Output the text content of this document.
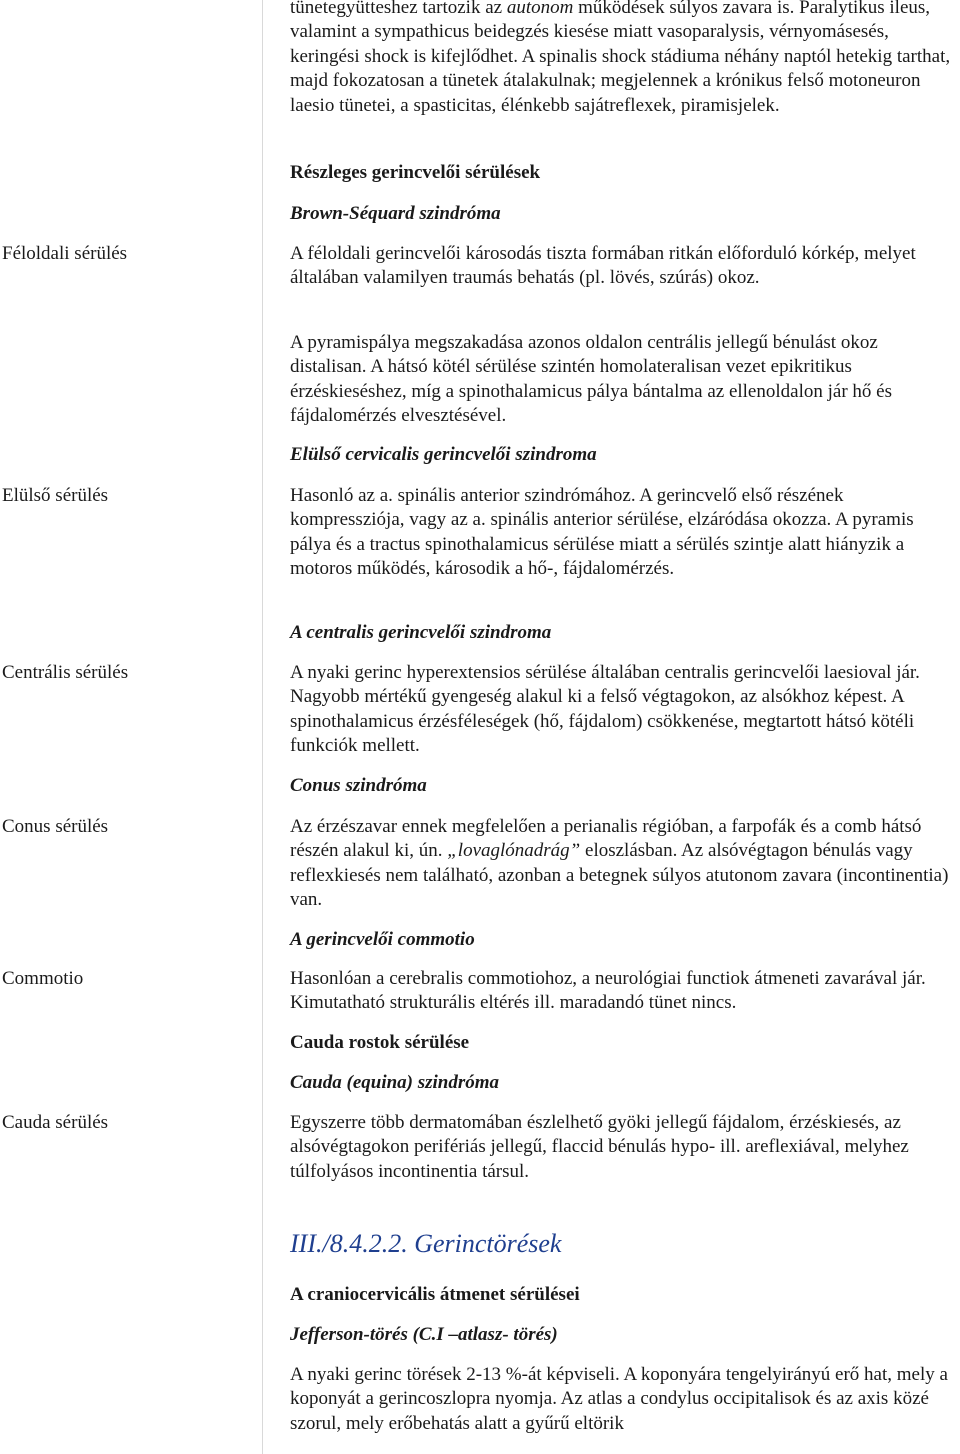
Féloldali sérülés
Elülső sérülés
Centrális sérülés
Conus sérülés
Commotio
Cauda sérülés

tünetegyütteshez tartozik az autonom működések súlyos zavara is. Paralytikus ileus, valamint a sympathicus beidegzés kiesése miatt vasoparalysis, vérnyomásesés, keringési shock is kifejlődhet. A spinalis shock stádiuma néhány naptól hetekig tarthat, majd fokozatosan a tünetek átalakulnak; megjelennek a krónikus felső motoneuron laesio tünetei, a spasticitas, élénkebb sajátreflexek, piramisjelek.

Részleges gerincvelői sérülések

Brown-Séquard szindróma

A féloldali gerincvelői károsodás tiszta formában ritkán előforduló kórkép, melyet általában valamilyen traumás behatás (pl. lövés, szúrás) okoz.

A pyramispálya megszakadása azonos oldalon centrális jellegű bénulást okoz distalisan. A hátsó kötél sérülése szintén homolateralisan vezet epikritikus érzéskieséshez, míg a spinothalamicus pálya bántalma az ellenoldalon jár hő és fájdalomérzés elvesztésével.

Elülső cervicalis gerincvelői szindroma

Hasonló az a. spinális anterior szindrómához. A gerincvelő első részének kompressziója, vagy az a. spinális anterior sérülése, elzáródása okozza. A pyramis pálya és a tractus spinothalamicus sérülése miatt a sérülés szintje alatt hiányzik a motoros működés, károsodik a hő-, fájdalomérzés.

A centralis gerincvelői szindroma

A nyaki gerinc hyperextensios sérülése általában centralis gerincvelői laesioval jár. Nagyobb mértékű gyengeség alakul ki a felső végtagokon, az alsókhoz képest. A spinothalamicus érzésféleségek (hő, fájdalom) csökkenése, megtartott hátsó kötéli funkciók mellett.

Conus szindróma

Az érzészavar ennek megfelelően a perianalis régióban, a farpofák és a comb hátsó részén alakul ki, ún. „lovaglónadrág” eloszlásban. Az alsóvégtagon bénulás vagy reflexkiesés nem található, azonban a betegnek súlyos atutonom zavara (incontinentia) van.

A gerincvelői commotio

Hasonlóan a cerebralis commotiohoz, a neurológiai functiok átmeneti zavarával jár. Kimutatható strukturális eltérés ill. maradandó tünet nincs.

Cauda rostok sérülése

Cauda (equina) szindróma

Egyszerre több dermatomában észlelhető gyöki jellegű fájdalom, érzéskiesés, az alsóvégtagokon perifériás jellegű, flaccid bénulás hypo- ill. areflexiával, melyhez túlfolyásos incontinentia társul.

III./8.4.2.2. Gerinctörések

A craniocervicális átmenet sérülései

Jefferson-törés (C.I –atlasz- törés)

A nyaki gerinc törések 2-13 %-át képviseli. A koponyára tengelyirányú erő hat, mely a koponyát a gerincoszlopra nyomja. Az atlas a condylus occipitalisok és az axis közé szorul, mely erőbehatás alatt a gyűrű eltörik
